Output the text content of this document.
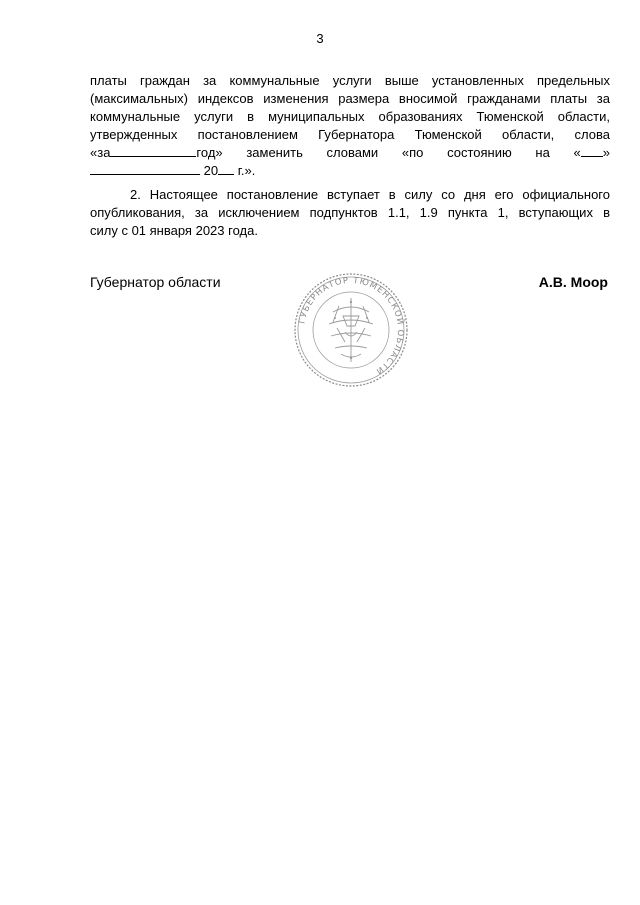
3
платы граждан за коммунальные услуги выше установленных предельных
(максимальных) индексов изменения размера вносимой гражданами платы за
коммунальные услуги в муниципальных образованиях Тюменской области,
утвержденных постановлением Губернатора Тюменской области, слова
«за	год» заменить словами «по состоянию на « »
20 г.».
2. Настоящее постановление вступает в силу со дня его официального
опубликования, за исключением подпунктов 1.1, 1.9 пункта 1, вступающих в
силу с 01 января 2023 года.
Губернатор области	А.В. Моор
ГУБЕРНАТОР ТЮМЕНСКОЙ ОБЛАСТИ
